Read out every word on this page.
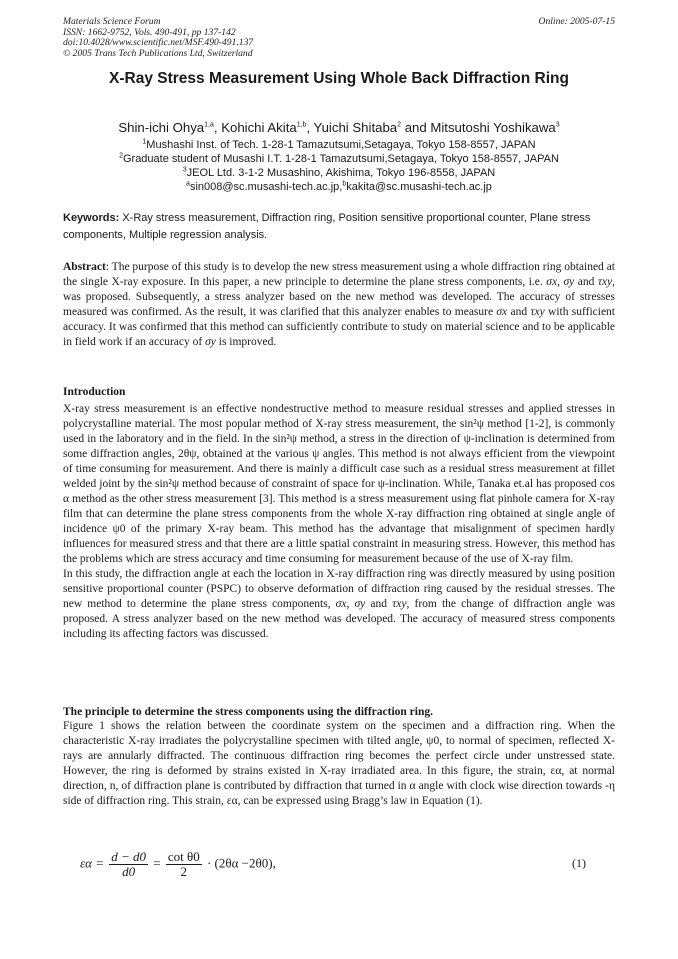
Materials Science Forum
ISSN: 1662-9752, Vols. 490-491, pp 137-142
doi:10.4028/www.scientific.net/MSF.490-491.137
© 2005 Trans Tech Publications Ltd, Switzerland
Online: 2005-07-15
X-Ray Stress Measurement Using Whole Back Diffraction Ring
Shin-ichi Ohya$^{1,a}$, Kohichi Akita$^{1,b}$, Yuichi Shitaba$^2$ and Mitsutoshi Yoshikawa$^3$
$^1$Mushashi Inst. of Tech. 1-28-1 Tamazutsumi,Setagaya, Tokyo 158-8557, JAPAN
$^2$Graduate student of Musashi I.T. 1-28-1 Tamazutsumi,Setagaya, Tokyo 158-8557, JAPAN
$^3$JEOL Ltd. 3-1-2 Musashino, Akishima, Tokyo 196-8558, JAPAN
$^a$sin008@sc.musashi-tech.ac.jp,$^b$kakita@sc.musashi-tech.ac.jp
Keywords: X-Ray stress measurement, Diffraction ring, Position sensitive proportional counter, Plane stress components, Multiple regression analysis.
Abstract: The purpose of this study is to develop the new stress measurement using a whole diffraction ring obtained at the single X-ray exposure. In this paper, a new principle to determine the plane stress components, i.e. σx, σy and τxy, was proposed. Subsequently, a stress analyzer based on the new method was developed. The accuracy of stresses measured was confirmed. As the result, it was clarified that this analyzer enables to measure σx and τxy with sufficient accuracy. It was confirmed that this method can sufficiently contribute to study on material science and to be applicable in field work if an accuracy of σy is improved.
Introduction

X-ray stress measurement is an effective nondestructive method to measure residual stresses and applied stresses in polycrystalline material. The most popular method of X-ray stress measurement, the sin²ψ method [1-2], is commonly used in the laboratory and in the field. In the sin²ψ method, a stress in the direction of ψ-inclination is determined from some diffraction angles, 2θψ, obtained at the various ψ angles. This method is not always efficient from the viewpoint of time consuming for measurement. And there is mainly a difficult case such as a residual stress measurement at fillet welded joint by the sin²ψ method because of constraint of space for ψ-inclination. While, Tanaka et.al has proposed cos α method as the other stress measurement [3]. This method is a stress measurement using flat pinhole camera for X-ray film that can determine the plane stress components from the whole X-ray diffraction ring obtained at single angle of incidence ψ0 of the primary X-ray beam. This method has the advantage that misalignment of specimen hardly influences for measured stress and that there are a little spatial constraint in measuring stress. However, this method has the problems which are stress accuracy and time consuming for measurement because of the use of X-ray film.

In this study, the diffraction angle at each the location in X-ray diffraction ring was directly measured by using position sensitive proportional counter (PSPC) to observe deformation of diffraction ring caused by the residual stresses. The new method to determine the plane stress components, σx, σy and τxy, from the change of diffraction angle was proposed. A stress analyzer based on the new method was developed. The accuracy of measured stress components including its affecting factors was discussed.

The principle to determine the stress components using the diffraction ring.
Figure 1 shows the relation between the coordinate system on the specimen and a diffraction ring. When the characteristic X-ray irradiates the polycrystalline specimen with tilted angle, ψ0, to normal of specimen, reflected X-rays are annularly diffracted. The continuous diffraction ring becomes the perfect circle under unstressed state. However, the ring is deformed by strains existed in X-ray irradiated area. In this figure, the strain, εα, at normal direction, n, of diffraction plane is contributed by diffraction that turned in α angle with clock wise direction towards -η side of diffraction ring. This strain, εα, can be expressed using Bragg’s law in Equation (1).
$\varepsilon\alpha = \frac{d - d0}{d0} = \frac{\text{cot θ0}}{2} \cdot (2\theta\alpha -2\theta 0)$,	(1)
